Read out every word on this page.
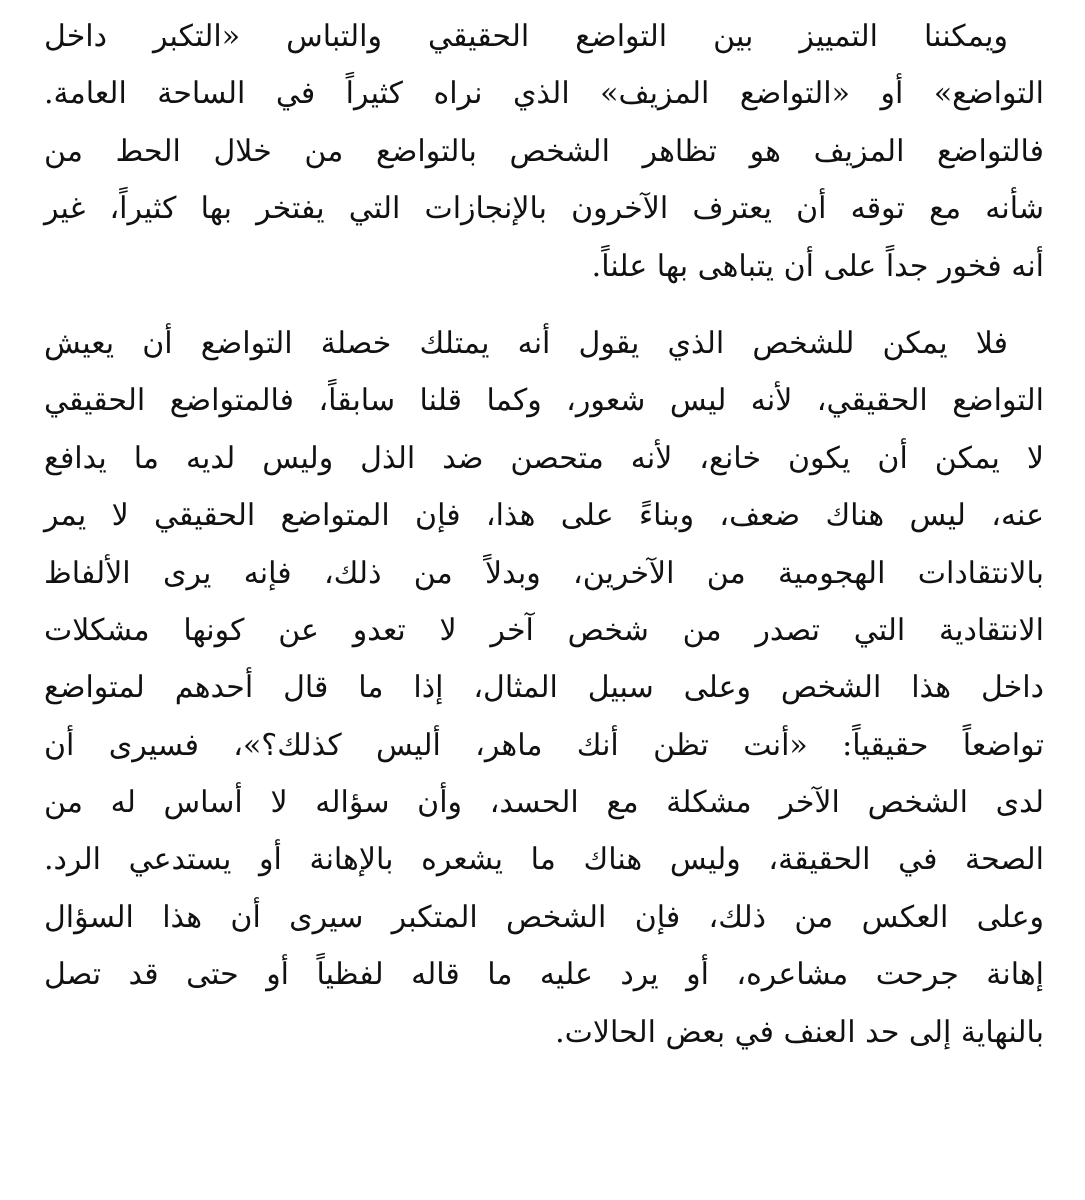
ويمكننا التمييز بين التواضع الحقيقي والتباس «التكبر داخل
التواضع» أو «التواضع المزيف» الذي نراه كثيراً في الساحة العامة.
فالتواضع المزيف هو تظاهر الشخص بالتواضع من خلال الحط من
شأنه مع توقه أن يعترف الآخرون بالإنجازات التي يفتخر بها كثيراً، غير
أنه فخور جداً على أن يتباهى بها علناً.
فلا يمكن للشخص الذي يقول أنه يمتلك خصلة التواضع أن يعيش
التواضع الحقيقي، لأنه ليس شعور، وكما قلنا سابقاً، فالمتواضع الحقيقي
لا يمكن أن يكون خانع، لأنه متحصن ضد الذل وليس لديه ما يدافع
عنه، ليس هناك ضعف، وبناءً على هذا، فإن المتواضع الحقيقي لا يمر
بالانتقادات الهجومية من الآخرين، وبدلاً من ذلك، فإنه يرى الألفاظ
الانتقادية التي تصدر من شخص آخر لا تعدو عن كونها مشكلات
داخل هذا الشخص وعلى سبيل المثال، إذا ما قال أحدهم لمتواضع
تواضعاً حقيقياً: «أنت تظن أنك ماهر، أليس كذلك؟»، فسيرى أن
لدى الشخص الآخر مشكلة مع الحسد، وأن سؤاله لا أساس له من
الصحة في الحقيقة، وليس هناك ما يشعره بالإهانة أو يستدعي الرد.
وعلى العكس من ذلك، فإن الشخص المتكبر سيرى أن هذا السؤال
إهانة جرحت مشاعره، أو يرد عليه ما قاله لفظياً أو حتى قد تصل
بالنهاية إلى حد العنف في بعض الحالات.
